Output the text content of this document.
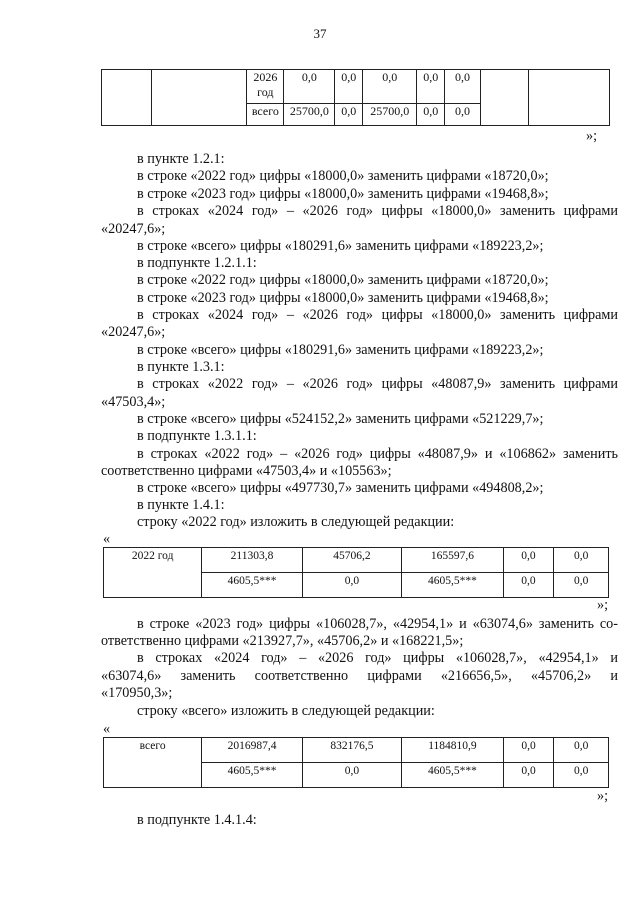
37
		2026 год	0,0	0,0	0,0	0,0	0,0		
		всего	25700,0	0,0	25700,0	0,0	0,0		
»;
в пункте 1.2.1:
в строке «2022 год» цифры «18000,0» заменить цифрами «18720,0»;
в строке «2023 год» цифры «18000,0» заменить цифрами «19468,8»;
в строках «2024 год» – «2026 год» цифры «18000,0» заменить цифрами
«20247,6»;
в строке «всего» цифры «180291,6» заменить цифрами «189223,2»;
в подпункте 1.2.1.1:
в строке «2022 год» цифры «18000,0» заменить цифрами «18720,0»;
в строке «2023 год» цифры «18000,0» заменить цифрами «19468,8»;
в строках «2024 год» – «2026 год» цифры «18000,0» заменить цифрами
«20247,6»;
в строке «всего» цифры «180291,6» заменить цифрами «189223,2»;
в пункте 1.3.1:
в строках «2022 год» – «2026 год» цифры «48087,9» заменить цифрами
«47503,4»;
в строке «всего» цифры «524152,2» заменить цифрами «521229,7»;
в подпункте 1.3.1.1:
в строках «2022 год» – «2026 год» цифры «48087,9» и «106862» заменить
соответственно цифрами «47503,4» и «105563»;
в строке «всего» цифры «497730,7» заменить цифрами «494808,2»;
в пункте 1.4.1:
строку «2022 год» изложить в следующей редакции:
«
2022 год	211303,8	45706,2	165597,6	0,0	0,0
	4605,5***	0,0	4605,5***	0,0	0,0
»;
в строке «2023 год» цифры «106028,7», «42954,1» и «63074,6» заменить со-
ответственно цифрами «213927,7», «45706,2» и «168221,5»;
в строках «2024 год» – «2026 год» цифры «106028,7», «42954,1» и
«63074,6» заменить соответственно цифрами «216656,5», «45706,2» и
«170950,3»;
строку «всего» изложить в следующей редакции:
«
всего	2016987,4	832176,5	1184810,9	0,0	0,0
	4605,5***	0,0	4605,5***	0,0	0,0
»;
в подпункте 1.4.1.4:
